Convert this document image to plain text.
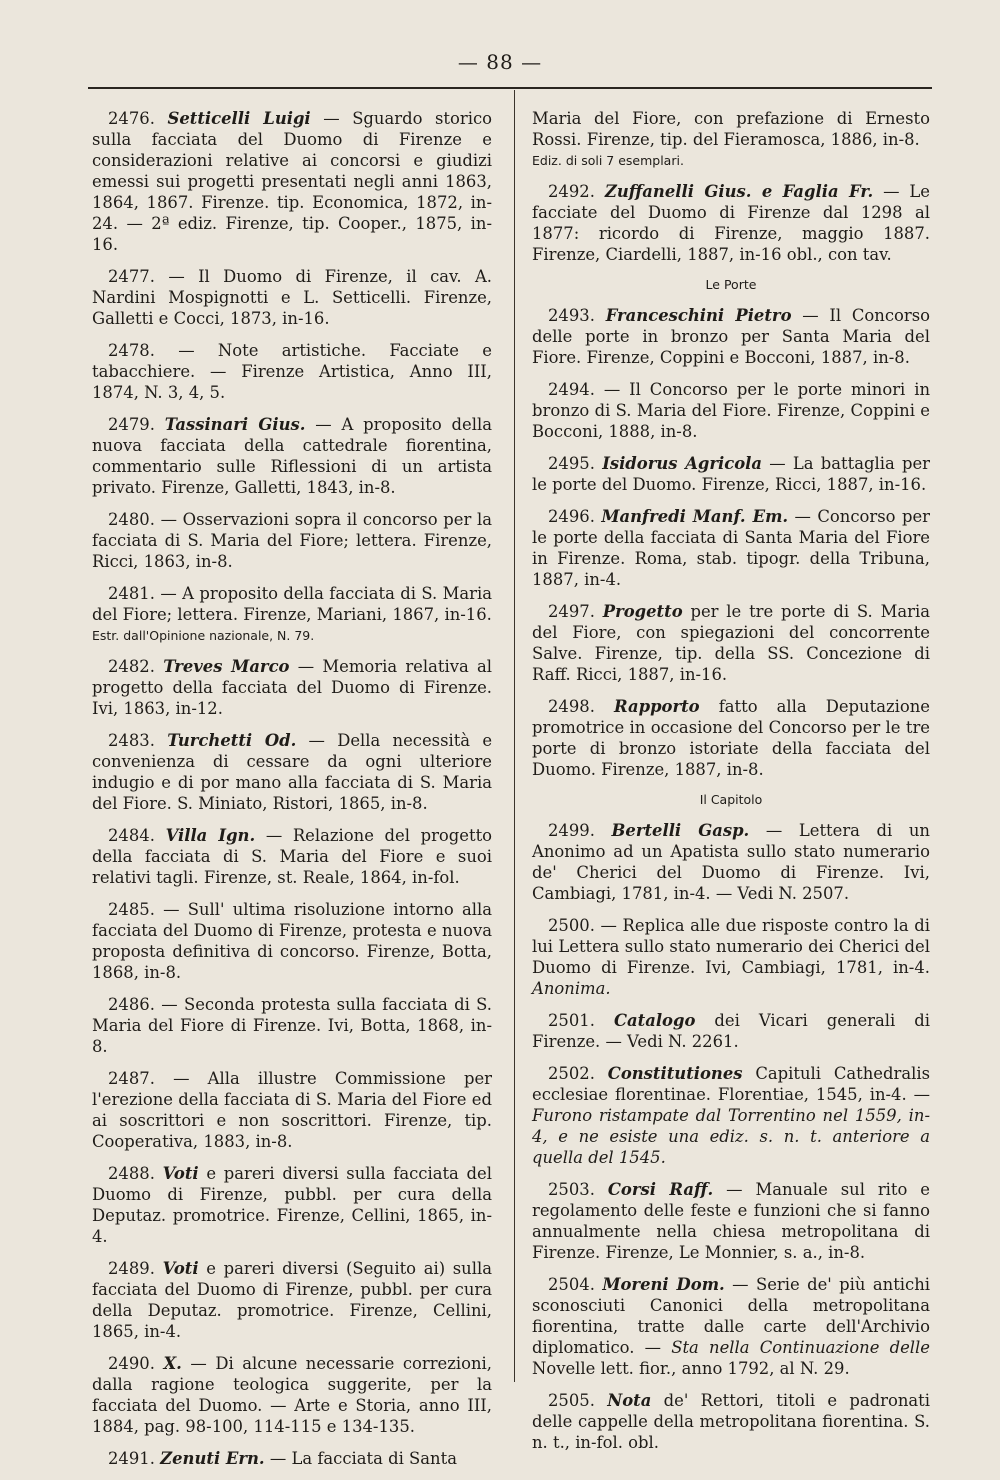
— 88 —

2476. Setticelli Luigi — Sguardo storico sulla facciata del Duomo di Firenze e considerazioni relative ai concorsi e giudizi emessi sui progetti presentati negli anni 1863, 1864, 1867. Firenze. tip. Economica, 1872, in-24. — 2ª ediz. Firenze, tip. Cooper., 1875, in-16.

2477. — Il Duomo di Firenze, il cav. A. Nardini Mospignotti e L. Setticelli. Firenze, Galletti e Cocci, 1873, in-16.

2478. — Note artistiche. Facciate e tabacchiere. — Firenze Artistica, Anno III, 1874, N. 3, 4, 5.

2479. Tassinari Gius. — A proposito della nuova facciata della cattedrale fiorentina, commentario sulle Riflessioni di un artista privato. Firenze, Galletti, 1843, in-8.

2480. — Osservazioni sopra il concorso per la facciata di S. Maria del Fiore; lettera. Firenze, Ricci, 1863, in-8.

2481. — A proposito della facciata di S. Maria del Fiore; lettera. Firenze, Mariani, 1867, in-16.

Estr. dall'Opinione nazionale, N. 79.

2482. Treves Marco — Memoria relativa al progetto della facciata del Duomo di Firenze. Ivi, 1863, in-12.

2483. Turchetti Od. — Della necessità e convenienza di cessare da ogni ulteriore indugio e di por mano alla facciata di S. Maria del Fiore. S. Miniato, Ristori, 1865, in-8.

2484. Villa Ign. — Relazione del progetto della facciata di S. Maria del Fiore e suoi relativi tagli. Firenze, st. Reale, 1864, in-fol.

2485. — Sull' ultima risoluzione intorno alla facciata del Duomo di Firenze, protesta e nuova proposta definitiva di concorso. Firenze, Botta, 1868, in-8.

2486. — Seconda protesta sulla facciata di S. Maria del Fiore di Firenze. Ivi, Botta, 1868, in-8.

2487. — Alla illustre Commissione per l'erezione della facciata di S. Maria del Fiore ed ai soscrittori e non soscrittori. Firenze, tip. Cooperativa, 1883, in-8.

2488. Voti e pareri diversi sulla facciata del Duomo di Firenze, pubbl. per cura della Deputaz. promotrice. Firenze, Cellini, 1865, in-4.

2489. Voti e pareri diversi (Seguito ai) sulla facciata del Duomo di Firenze, pubbl. per cura della Deputaz. promotrice. Firenze, Cellini, 1865, in-4.

2490. X. — Di alcune necessarie correzioni, dalla ragione teologica suggerite, per la facciata del Duomo. — Arte e Storia, anno III, 1884, pag. 98-100, 114-115 e 134-135.

2491. Zenuti Ern. — La facciata di Santa

Maria del Fiore, con prefazione di Ernesto Rossi. Firenze, tip. del Fieramosca, 1886, in-8.

Ediz. di soli 7 esemplari.

2492. Zuffanelli Gius. e Faglia Fr. — Le facciate del Duomo di Firenze dal 1298 al 1877: ricordo di Firenze, maggio 1887. Firenze, Ciardelli, 1887, in-16 obl., con tav.

Le Porte

2493. Franceschini Pietro — Il Concorso delle porte in bronzo per Santa Maria del Fiore. Firenze, Coppini e Bocconi, 1887, in-8.

2494. — Il Concorso per le porte minori in bronzo di S. Maria del Fiore. Firenze, Coppini e Bocconi, 1888, in-8.

2495. Isidorus Agricola — La battaglia per le porte del Duomo. Firenze, Ricci, 1887, in-16.

2496. Manfredi Manf. Em. — Concorso per le porte della facciata di Santa Maria del Fiore in Firenze. Roma, stab. tipogr. della Tribuna, 1887, in-4.

2497. Progetto per le tre porte di S. Maria del Fiore, con spiegazioni del concorrente Salve. Firenze, tip. della SS. Concezione di Raff. Ricci, 1887, in-16.

2498. Rapporto fatto alla Deputazione promotrice in occasione del Concorso per le tre porte di bronzo istoriate della facciata del Duomo. Firenze, 1887, in-8.

Il Capitolo

2499. Bertelli Gasp. — Lettera di un Anonimo ad un Apatista sullo stato numerario de' Cherici del Duomo di Firenze. Ivi, Cambiagi, 1781, in-4. — Vedi N. 2507.

2500. — Replica alle due risposte contro la di lui Lettera sullo stato numerario dei Cherici del Duomo di Firenze. Ivi, Cambiagi, 1781, in-4. Anonima.

2501. Catalogo dei Vicari generali di Firenze. — Vedi N. 2261.

2502. Constitutiones Capituli Cathedralis ecclesiae florentinae. Florentiae, 1545, in-4. — Furono ristampate dal Torrentino nel 1559, in-4, e ne esiste una ediz. s. n. t. anteriore a quella del 1545.

2503. Corsi Raff. — Manuale sul rito e regolamento delle feste e funzioni che si fanno annualmente nella chiesa metropolitana di Firenze. Firenze, Le Monnier, s. a., in-8.

2504. Moreni Dom. — Serie de' più antichi sconosciuti Canonici della metropolitana fiorentina, tratte dalle carte dell'Archivio diplomatico. — Sta nella Continuazione delle Novelle lett. fior., anno 1792, al N. 29.

2505. Nota de' Rettori, titoli e padronati delle cappelle della metropolitana fiorentina. S. n. t., in-fol. obl.
